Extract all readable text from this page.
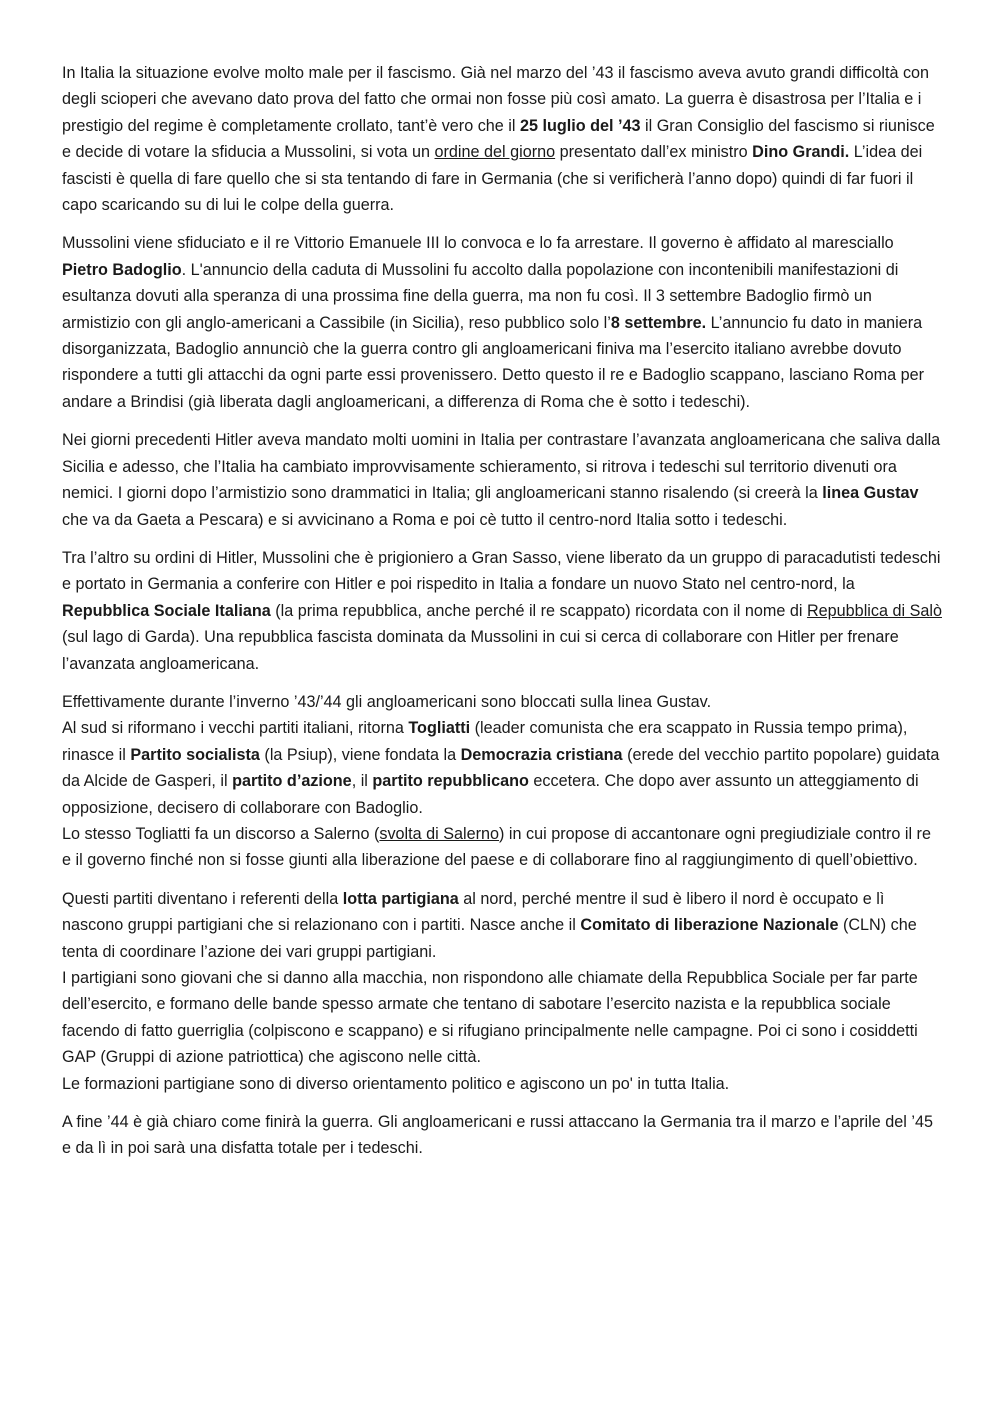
In Italia la situazione evolve molto male per il fascismo. Già nel marzo del ’43 il fascismo aveva avuto grandi difficoltà con degli scioperi che avevano dato prova del fatto che ormai non fosse più così amato. La guerra è disastrosa per l’Italia e i prestigio del regime è completamente crollato, tant’è vero che il 25 luglio del ’43 il Gran Consiglio del fascismo si riunisce e decide di votare la sfiducia a Mussolini, si vota un ordine del giorno presentato dall’ex ministro Dino Grandi. L’idea dei fascisti è quella di fare quello che si sta tentando di fare in Germania (che si verificherà l’anno dopo) quindi di far fuori il capo scaricando su di lui le colpe della guerra.

Mussolini viene sfiduciato e il re Vittorio Emanuele III lo convoca e lo fa arrestare. Il governo è affidato al maresciallo Pietro Badoglio. L'annuncio della caduta di Mussolini fu accolto dalla popolazione con incontenibili manifestazioni di esultanza dovuti alla speranza di una prossima fine della guerra, ma non fu così. Il 3 settembre Badoglio firmò un armistizio con gli anglo-americani a Cassibile (in Sicilia), reso pubblico solo l’8 settembre. L’annuncio fu dato in maniera disorganizzata, Badoglio annunciò che la guerra contro gli angloamericani finiva ma l’esercito italiano avrebbe dovuto rispondere a tutti gli attacchi da ogni parte essi provenissero. Detto questo il re e Badoglio scappano, lasciano Roma per andare a Brindisi (già liberata dagli angloamericani, a differenza di Roma che è sotto i tedeschi).

Nei giorni precedenti Hitler aveva mandato molti uomini in Italia per contrastare l’avanzata angloamericana che saliva dalla Sicilia e adesso, che l’Italia ha cambiato improvvisamente schieramento, si ritrova i tedeschi sul territorio divenuti ora nemici. I giorni dopo l’armistizio sono drammatici in Italia; gli angloamericani stanno risalendo (si creerà la linea Gustav che va da Gaeta a Pescara) e si avvicinano a Roma e poi cè tutto il centro-nord Italia sotto i tedeschi.

Tra l’altro su ordini di Hitler, Mussolini che è prigioniero a Gran Sasso, viene liberato da un gruppo di paracadutisti tedeschi e portato in Germania a conferire con Hitler e poi rispedito in Italia a fondare un nuovo Stato nel centro-nord, la Repubblica Sociale Italiana (la prima repubblica, anche perché il re scappato) ricordata con il nome di Repubblica di Salò (sul lago di Garda). Una repubblica fascista dominata da Mussolini in cui si cerca di collaborare con Hitler per frenare l’avanzata angloamericana.

Effettivamente durante l’inverno ’43/’44 gli angloamericani sono bloccati sulla linea Gustav.
Al sud si riformano i vecchi partiti italiani, ritorna Togliatti (leader comunista che era scappato in Russia tempo prima), rinasce il Partito socialista (la Psiup), viene fondata la Democrazia cristiana (erede del vecchio partito popolare) guidata da Alcide de Gasperi, il partito d’azione, il partito repubblicano eccetera. Che dopo aver assunto un atteggiamento di opposizione, decisero di collaborare con Badoglio.
Lo stesso Togliatti fa un discorso a Salerno (svolta di Salerno) in cui propose di accantonare ogni pregiudiziale contro il re e il governo finché non si fosse giunti alla liberazione del paese e di collaborare fino al raggiungimento di quell’obiettivo.

Questi partiti diventano i referenti della lotta partigiana al nord, perché mentre il sud è libero il nord è occupato e lì nascono gruppi partigiani che si relazionano con i partiti. Nasce anche il Comitato di liberazione Nazionale (CLN) che tenta di coordinare l’azione dei vari gruppi partigiani.
I partigiani sono giovani che si danno alla macchia, non rispondono alle chiamate della Repubblica Sociale per far parte dell’esercito, e formano delle bande spesso armate che tentano di sabotare l’esercito nazista e la repubblica sociale facendo di fatto guerriglia (colpiscono e scappano) e si rifugiano principalmente nelle campagne. Poi ci sono i cosiddetti GAP (Gruppi di azione patriottica) che agiscono nelle città.
Le formazioni partigiane sono di diverso orientamento politico e agiscono un po' in tutta Italia.

A fine ’44 è già chiaro come finirà la guerra. Gli angloamericani e russi attaccano la Germania tra il marzo e l’aprile del ’45 e da lì in poi sarà una disfatta totale per i tedeschi.
